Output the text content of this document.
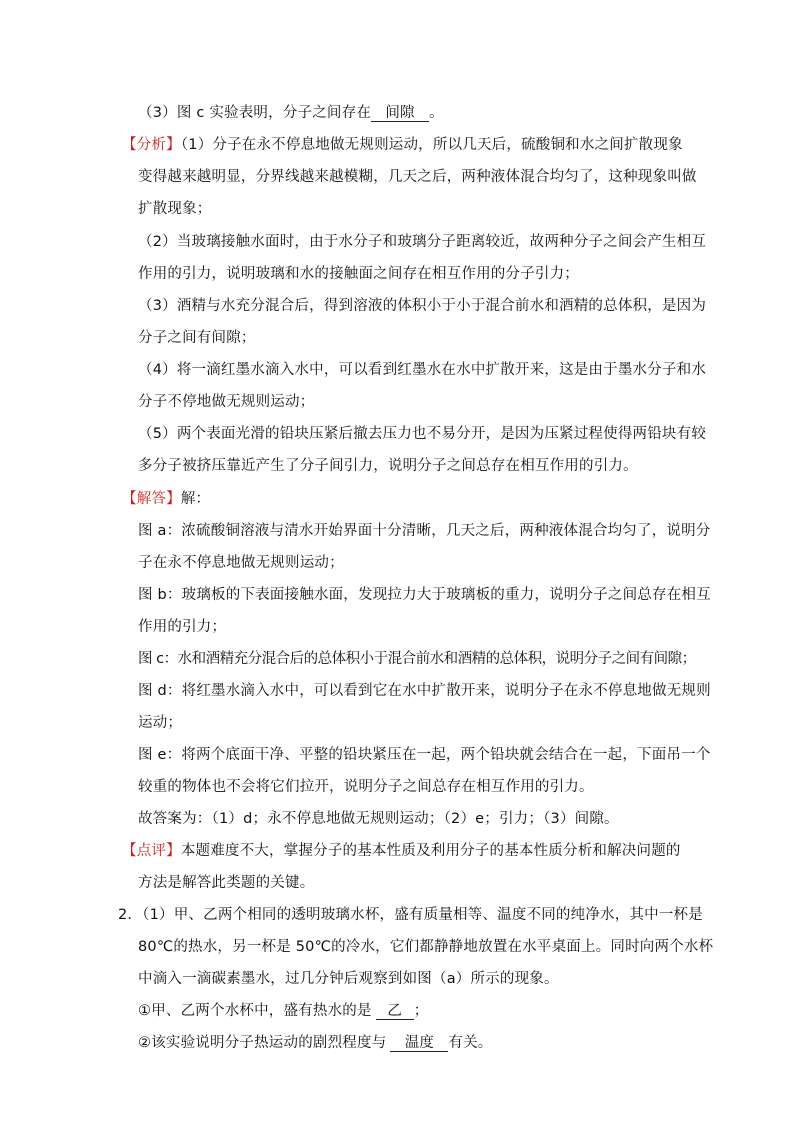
（3）图 c 实验表明，分子之间存在 间隙 。
【分析】（1）分子在永不停息地做无规则运动，所以几天后，硫酸铜和水之间扩散现象
变得越来越明显，分界线越来越模糊，几天之后，两种液体混合均匀了，这种现象叫做
扩散现象；
（2）当玻璃接触水面时，由于水分子和玻璃分子距离较近，故两种分子之间会产生相互
作用的引力，说明玻璃和水的接触面之间存在相互作用的分子引力；
（3）酒精与水充分混合后，得到溶液的体积小于小于混合前水和酒精的总体积，是因为
分子之间有间隙；
（4）将一滴红墨水滴入水中，可以看到红墨水在水中扩散开来，这是由于墨水分子和水
分子不停地做无规则运动；
（5）两个表面光滑的铅块压紧后撤去压力也不易分开，是因为压紧过程使得两铅块有较
多分子被挤压靠近产生了分子间引力，说明分子之间总存在相互作用的引力。
【解答】解：
图 a：浓硫酸铜溶液与清水开始界面十分清晰，几天之后，两种液体混合均匀了，说明分
子在永不停息地做无规则运动；
图 b：玻璃板的下表面接触水面，发现拉力大于玻璃板的重力，说明分子之间总存在相互
作用的引力；
图 c：水和酒精充分混合后的总体积小于混合前水和酒精的总体积，说明分子之间有间隙；
图 d：将红墨水滴入水中，可以看到它在水中扩散开来，说明分子在永不停息地做无规则
运动；
图 e：将两个底面干净、平整的铅块紧压在一起，两个铅块就会结合在一起，下面吊一个
较重的物体也不会将它们拉开，说明分子之间总存在相互作用的引力。
故答案为：（1）d；永不停息地做无规则运动；（2）e；引力；（3）间隙。
【点评】本题难度不大，掌握分子的基本性质及利用分子的基本性质分析和解决问题的
方法是解答此类题的关键。
2．（1）甲、乙两个相同的透明玻璃水杯，盛有质量相等、温度不同的纯净水，其中一杯是
80℃的热水，另一杯是 50℃的冷水，它们都静静地放置在水平桌面上。同时向两个水杯
中滴入一滴碳素墨水，过几分钟后观察到如图（a）所示的现象。
①甲、乙两个水杯中，盛有热水的是 乙 ；
②该实验说明分子热运动的剧烈程度与 温度 有关。
